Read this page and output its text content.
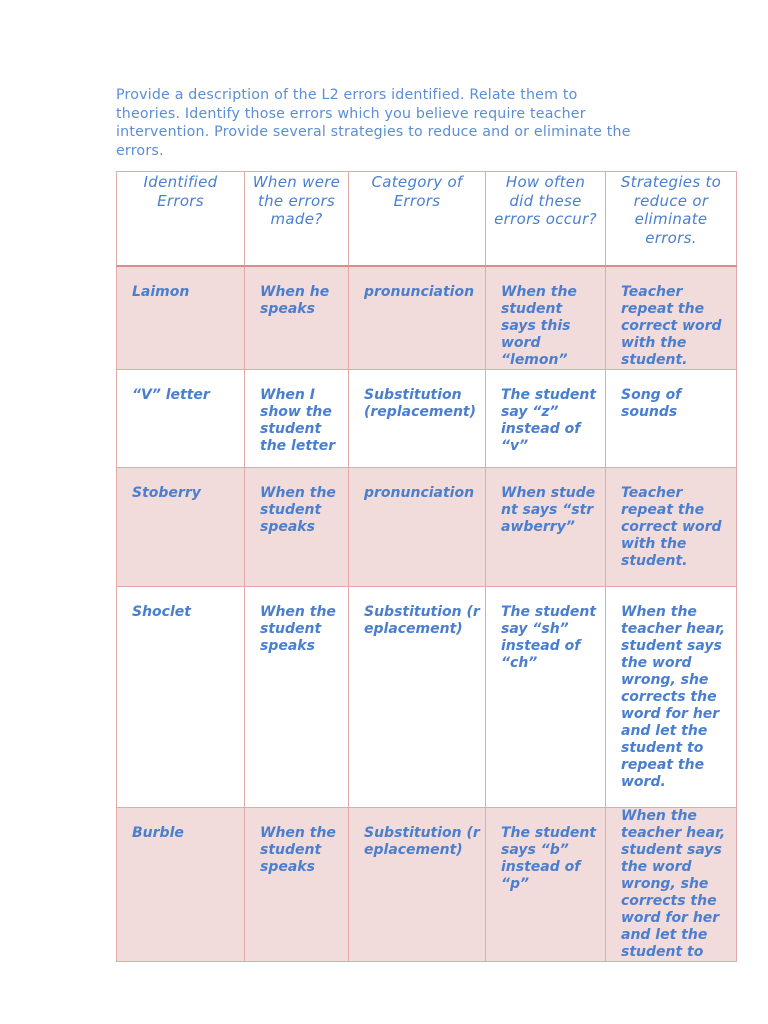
Provide a description of the L2 errors identified. Relate them to theories. Identify those errors which you believe require teacher intervention. Provide several strategies to reduce and or eliminate the errors.
Identified Errors	When were the errors made?	Category of Errors	How often did these errors occur?	Strategies to reduce or eliminate errors.
Laimon	When he speaks	pronunciation	When the student says this word “lemon”	Teacher repeat the correct word with the student.
“V” letter	When I show the student the letter	Substitution (replacement)	The student say “z” instead of “v”	Song of sounds
Stoberry	When the student speaks	pronunciation	When student says “strawberry”	Teacher repeat the correct word with the student.
Shoclet	When the student speaks	Substitution (replacement)	The student say “sh” instead of “ch”	When the teacher hear, student says the word wrong, she corrects the word for her and let the student to repeat the word.
Burble	When the student speaks	Substitution (replacement)	The student says “b” instead of “p”	When the teacher hear, student says the word wrong, she corrects the word for her and let the student to
